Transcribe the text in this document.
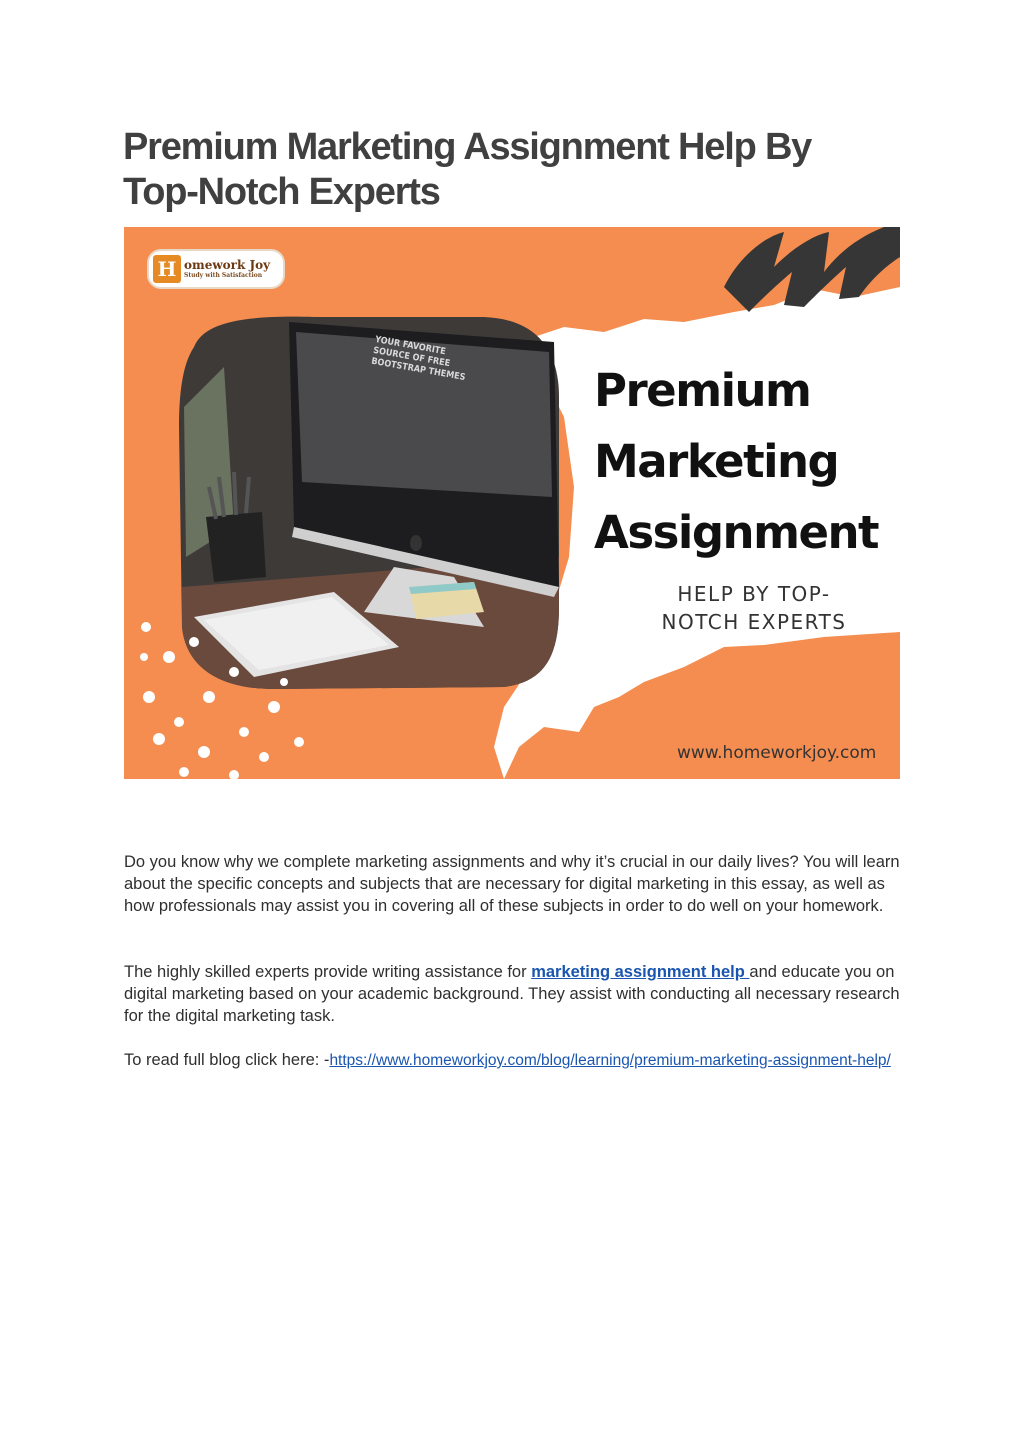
Premium Marketing Assignment Help By Top-Notch Experts
H omework Joy
Study with Satisfaction
YOUR FAVORITE SOURCE OF FREE BOOTSTRAP THEMES	Premium
Marketing
Assignment
HELP BY TOP-NOTCH EXPERTS
www.homeworkjoy.com

Do you know why we complete marketing assignments and why it’s crucial in our daily lives? You will learn about the specific concepts and subjects that are necessary for digital marketing in this essay, as well as how professionals may assist you in covering all of these subjects in order to do well on your homework.

The highly skilled experts provide writing assistance for marketing assignment help and educate you on digital marketing based on your academic background. They assist with conducting all necessary research for the digital marketing task.

To read full blog click here: -https://www.homeworkjoy.com/blog/learning/premium-marketing-assignment-help/
